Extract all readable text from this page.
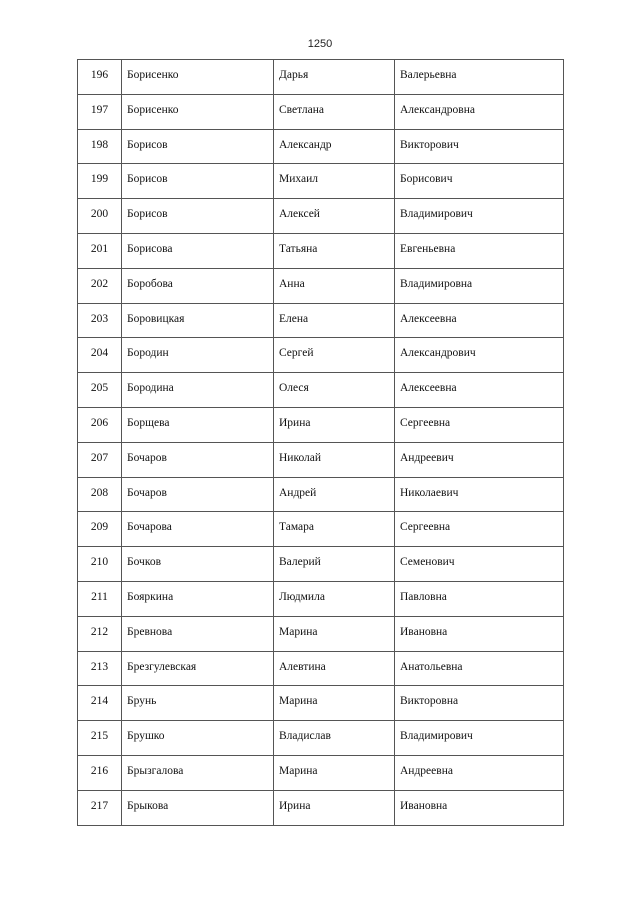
1250
196	Борисенко	Дарья	Валерьевна
197	Борисенко	Светлана	Александровна
198	Борисов	Александр	Викторович
199	Борисов	Михаил	Борисович
200	Борисов	Алексей	Владимирович
201	Борисова	Татьяна	Евгеньевна
202	Боробова	Анна	Владимировна
203	Боровицкая	Елена	Алексеевна
204	Бородин	Сергей	Александрович
205	Бородина	Олеся	Алексеевна
206	Борщева	Ирина	Сергеевна
207	Бочаров	Николай	Андреевич
208	Бочаров	Андрей	Николаевич
209	Бочарова	Тамара	Сергеевна
210	Бочков	Валерий	Семенович
211	Бояркина	Людмила	Павловна
212	Бревнова	Марина	Ивановна
213	Брезгулевская	Алевтина	Анатольевна
214	Брунь	Марина	Викторовна
215	Брушко	Владислав	Владимирович
216	Брызгалова	Марина	Андреевна
217	Брыкова	Ирина	Ивановна
